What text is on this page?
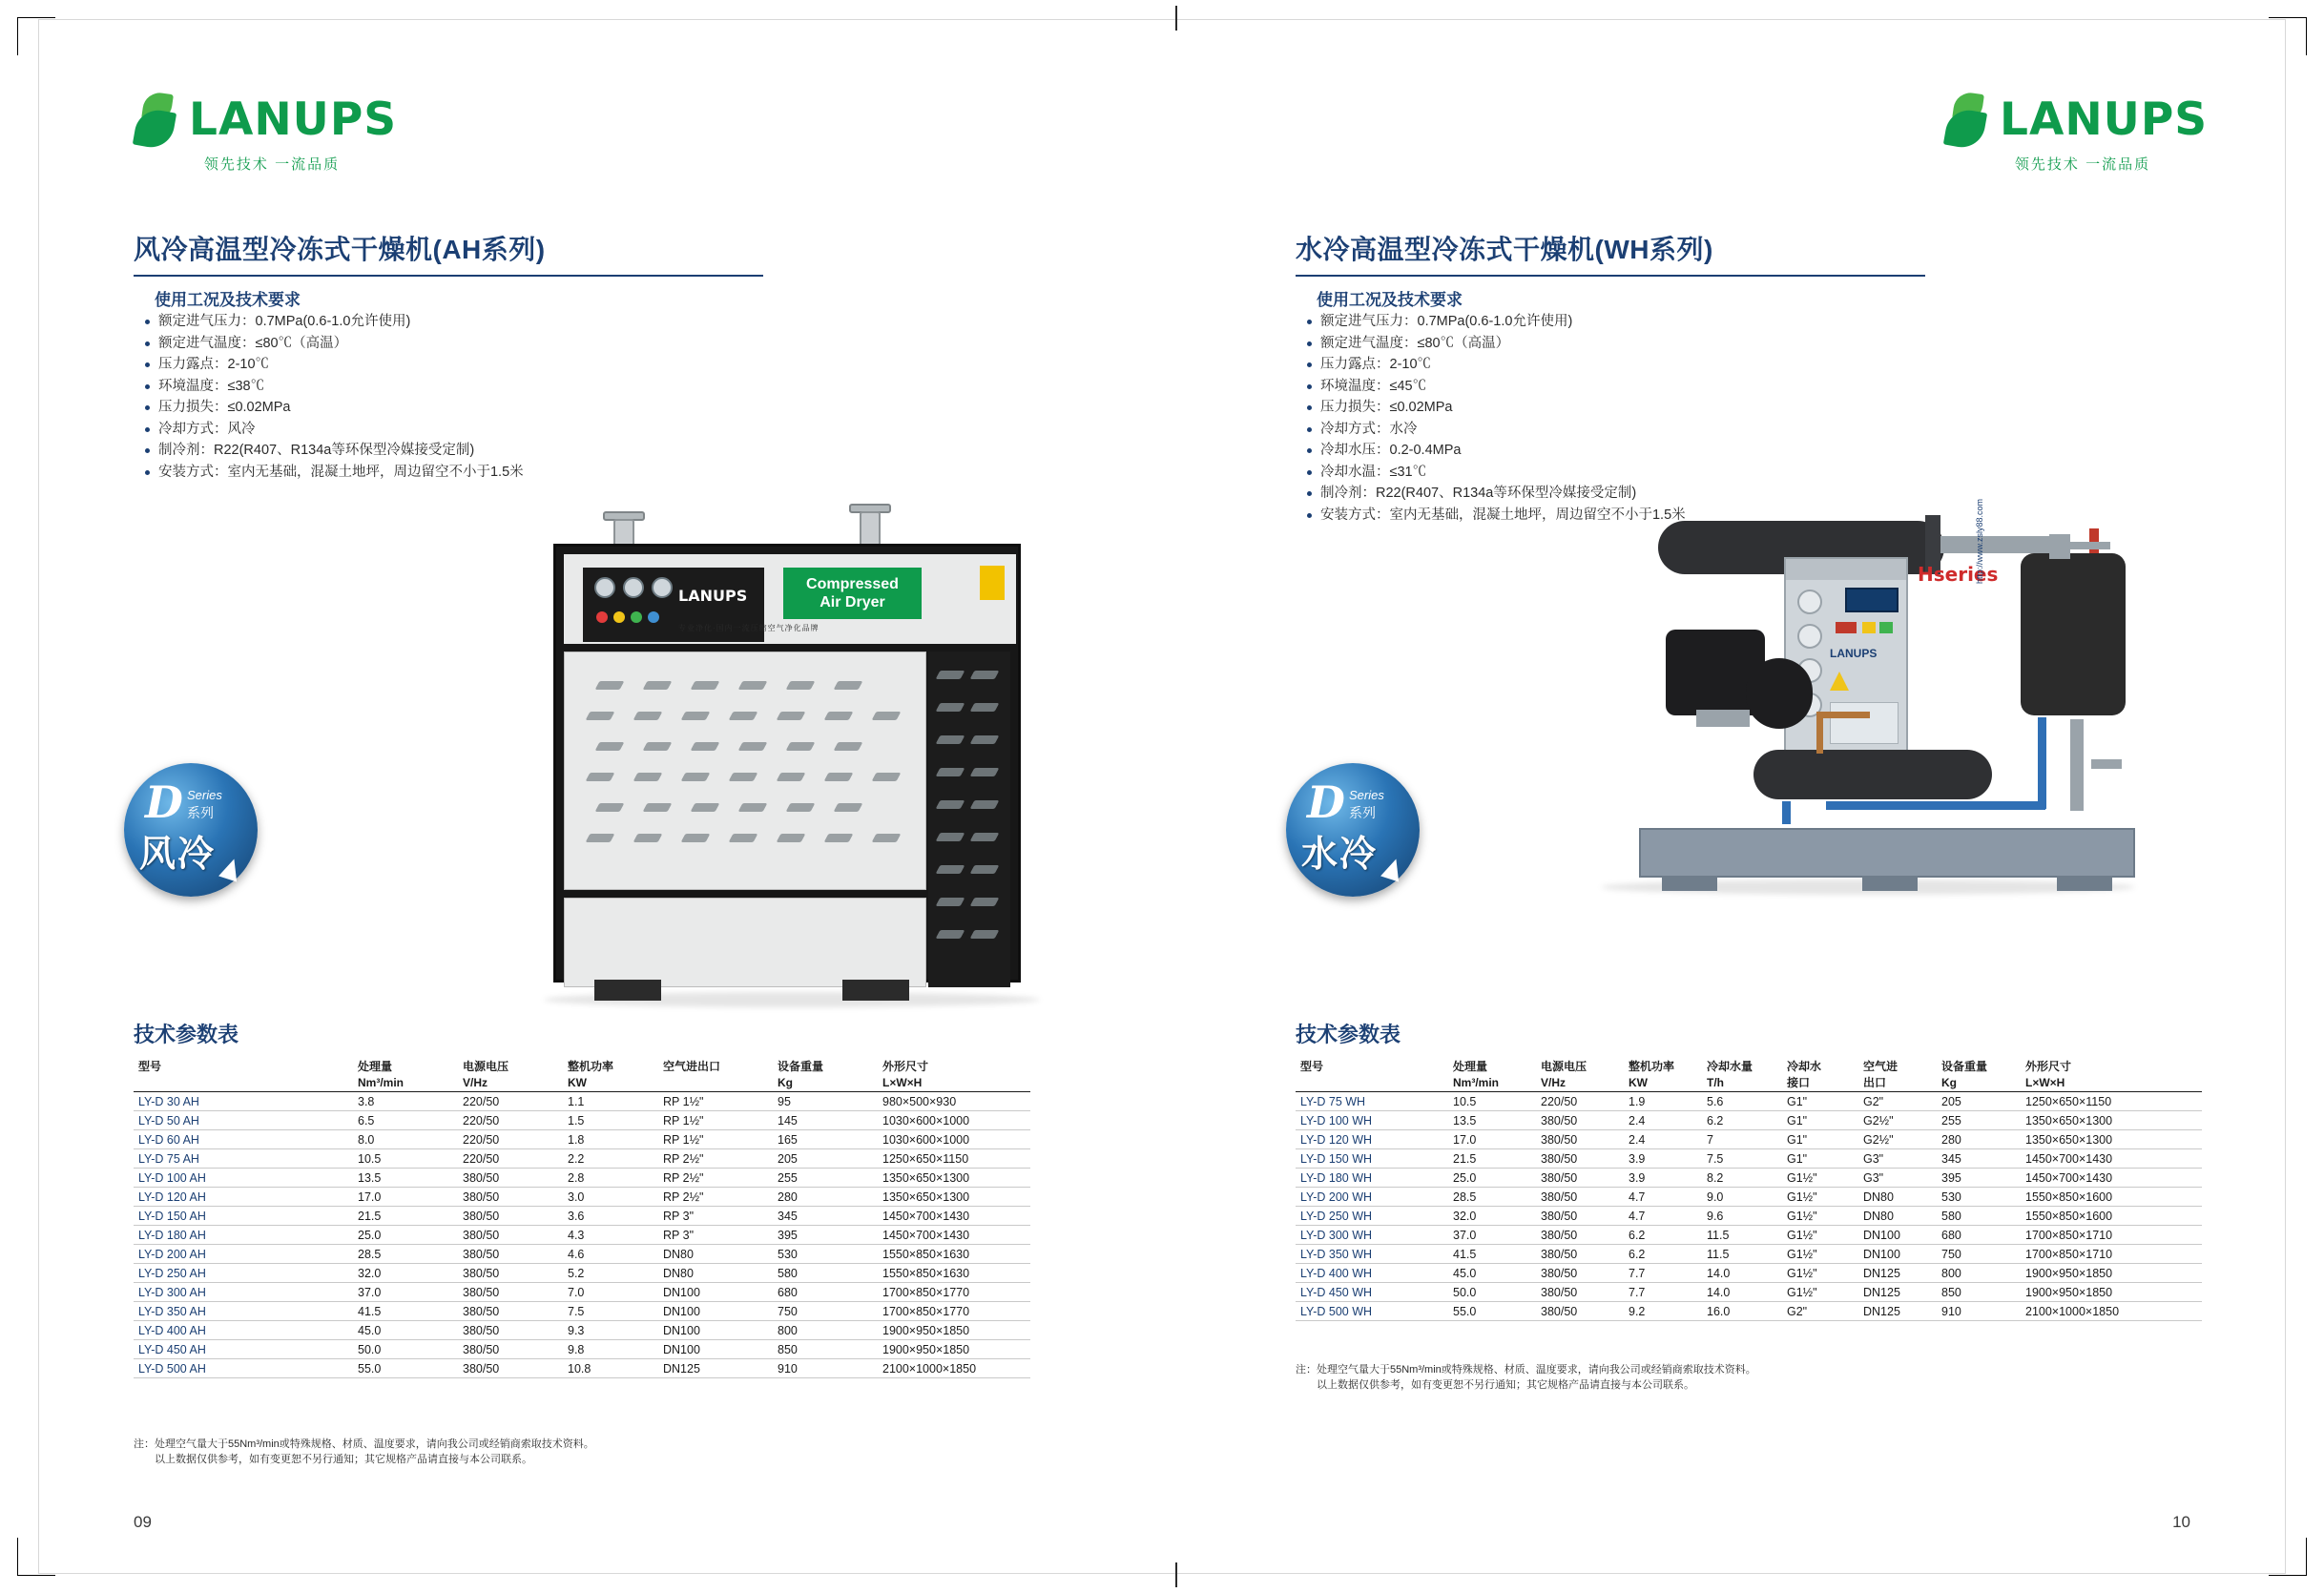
LANUPS
领先技术 一流品质
风冷高温型冷冻式干燥机(AH系列)
使用工况及技术要求
额定进气压力：0.7MPa(0.6-1.0允许使用)
额定进气温度：≤80℃（高温）
压力露点：2-10℃
环境温度：≤38℃
压力损失：≤0.02MPa
冷却方式：风冷
制冷剂：R22(R407、R134a等环保型冷媒接受定制)
安装方式：室内无基础，混凝土地坪，周边留空不小于1.5米
D Series
系列
风冷
LANUPS
Compressed
Air Dryer
专业净化·国内一流压缩空气净化品牌
技术参数表
型号	处理量	电源电压	整机功率	空气进出口	设备重量	外形尺寸
	Nm³/min	V/Hz	KW		Kg	L×W×H
LY-D 30 AH	3.8	220/50	1.1	RP 1½"	95	980×500×930
LY-D 50 AH	6.5	220/50	1.5	RP 1½"	145	1030×600×1000
LY-D 60 AH	8.0	220/50	1.8	RP 1½"	165	1030×600×1000
LY-D 75 AH	10.5	220/50	2.2	RP 2½"	205	1250×650×1150
LY-D 100 AH	13.5	380/50	2.8	RP 2½"	255	1350×650×1300
LY-D 120 AH	17.0	380/50	3.0	RP 2½"	280	1350×650×1300
LY-D 150 AH	21.5	380/50	3.6	RP 3"	345	1450×700×1430
LY-D 180 AH	25.0	380/50	4.3	RP 3"	395	1450×700×1430
LY-D 200 AH	28.5	380/50	4.6	DN80	530	1550×850×1630
LY-D 250 AH	32.0	380/50	5.2	DN80	580	1550×850×1630
LY-D 300 AH	37.0	380/50	7.0	DN100	680	1700×850×1770
LY-D 350 AH	41.5	380/50	7.5	DN100	750	1700×850×1770
LY-D 400 AH	45.0	380/50	9.3	DN100	800	1900×950×1850
LY-D 450 AH	50.0	380/50	9.8	DN100	850	1900×950×1850
LY-D 500 AH	55.0	380/50	10.8	DN125	910	2100×1000×1850
注：处理空气量大于55Nm³/min或特殊规格、材质、温度要求，请向我公司或经销商索取技术资料。
以上数据仅供参考，如有变更恕不另行通知；其它规格产品请直接与本公司联系。
09
LANUPS
领先技术 一流品质
水冷高温型冷冻式干燥机(WH系列)
使用工况及技术要求
额定进气压力：0.7MPa(0.6-1.0允许使用)
额定进气温度：≤80℃（高温）
压力露点：2-10℃
环境温度：≤45℃
压力损失：≤0.02MPa
冷却方式：水冷
冷却水压：0.2-0.4MPa
冷却水温：≤31℃
制冷剂：R22(R407、R134a等环保型冷媒接受定制)
安装方式：室内无基础，混凝土地坪，周边留空不小于1.5米
D Series
系列
水冷
LANUPS
Hseries
http://www.zsly88.com
技术参数表
型号	处理量	电源电压	整机功率	冷却水量	冷却水	空气进	设备重量	外形尺寸
	Nm³/min	V/Hz	KW	T/h	接口	出口	Kg	L×W×H
LY-D 75 WH	10.5	220/50	1.9	5.6	G1"	G2"	205	1250×650×1150
LY-D 100 WH	13.5	380/50	2.4	6.2	G1"	G2½"	255	1350×650×1300
LY-D 120 WH	17.0	380/50	2.4	7	G1"	G2½"	280	1350×650×1300
LY-D 150 WH	21.5	380/50	3.9	7.5	G1"	G3"	345	1450×700×1430
LY-D 180 WH	25.0	380/50	3.9	8.2	G1½"	G3"	395	1450×700×1430
LY-D 200 WH	28.5	380/50	4.7	9.0	G1½"	DN80	530	1550×850×1600
LY-D 250 WH	32.0	380/50	4.7	9.6	G1½"	DN80	580	1550×850×1600
LY-D 300 WH	37.0	380/50	6.2	11.5	G1½"	DN100	680	1700×850×1710
LY-D 350 WH	41.5	380/50	6.2	11.5	G1½"	DN100	750	1700×850×1710
LY-D 400 WH	45.0	380/50	7.7	14.0	G1½"	DN125	800	1900×950×1850
LY-D 450 WH	50.0	380/50	7.7	14.0	G1½"	DN125	850	1900×950×1850
LY-D 500 WH	55.0	380/50	9.2	16.0	G2"	DN125	910	2100×1000×1850
注：处理空气量大于55Nm³/min或特殊规格、材质、温度要求，请向我公司或经销商索取技术资料。
以上数据仅供参考，如有变更恕不另行通知；其它规格产品请直接与本公司联系。
10
